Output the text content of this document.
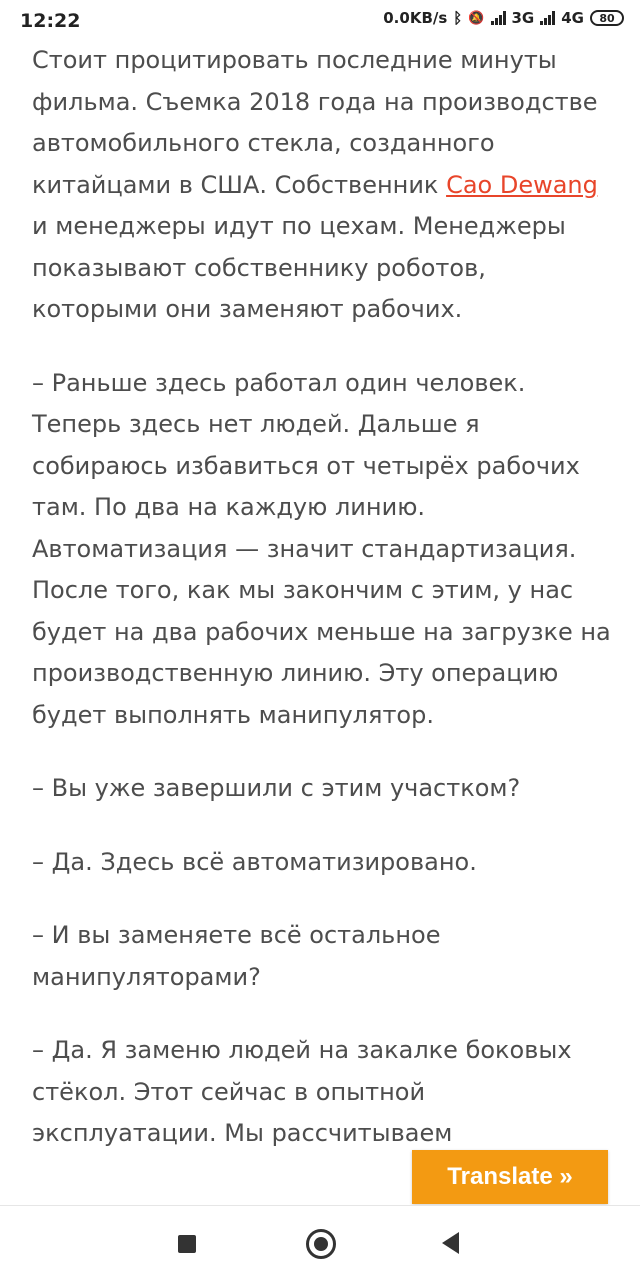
12:22	0.0KB/s ᛒ 🔕 3G 4G	80

Стоит процитировать последние минуты фильма. Съемка 2018 года на производстве автомобильного стекла, созданного китайцами в США. Собственник Cao Dewang и менеджеры идут по цехам. Менеджеры показывают собственнику роботов, которыми они заменяют рабочих.

– Раньше здесь работал один человек. Теперь здесь нет людей. Дальше я собираюсь избавиться от четырёх рабочих там. По два на каждую линию. Автоматизация — значит стандартизация. После того, как мы закончим с этим, у нас будет на два рабочих меньше на загрузке на производственную линию. Эту операцию будет выполнять манипулятор.

– Вы уже завершили с этим участком?

– Да. Здесь всё автоматизировано.

– И вы заменяете всё остальное манипуляторами?

– Да. Я заменю людей на закалке боковых стёкол. Этот сейчас в опытной эксплуатации. Мы рассчитываем

Translate »
